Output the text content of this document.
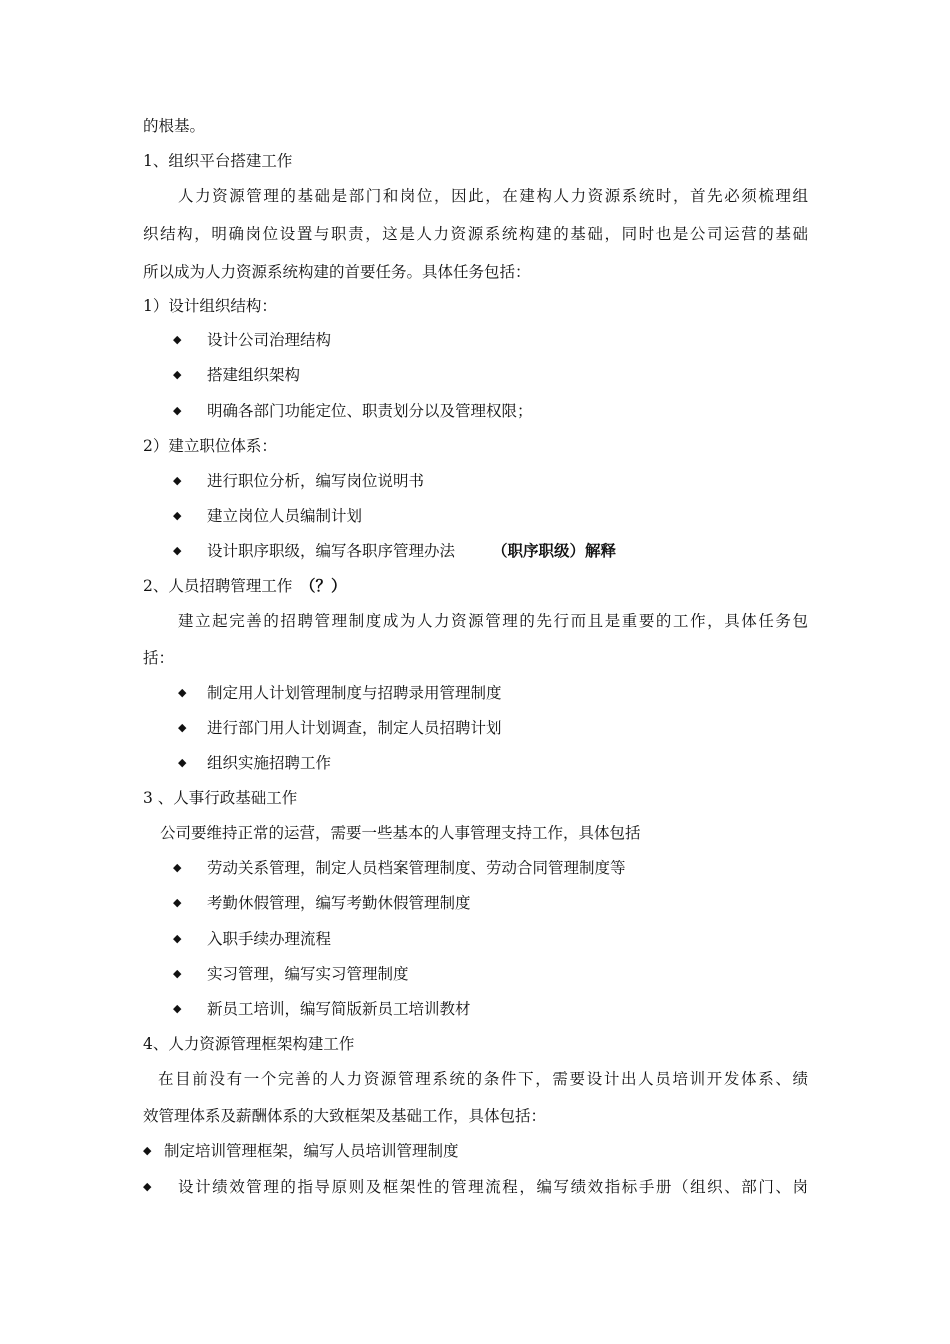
的根基。
1、组织平台搭建工作
人力资源管理的基础是部门和岗位，因此，在建构人力资源系统时，首先必须梳理组
织结构，明确岗位设置与职责，这是人力资源系统构建的基础，同时也是公司运营的基础
所以成为人力资源系统构建的首要任务。具体任务包括：
1）设计组织结构：
◆ 设计公司治理结构
◆ 搭建组织架构
◆ 明确各部门功能定位、职责划分以及管理权限；
2）建立职位体系：
◆ 进行职位分析，编写岗位说明书
◆ 建立岗位人员编制计划
◆ 设计职序职级，编写各职序管理办法 （职序职级）解释
2、人员招聘管理工作 （？）
建立起完善的招聘管理制度成为人力资源管理的先行而且是重要的工作，具体任务包
括：
◆ 制定用人计划管理制度与招聘录用管理制度
◆ 进行部门用人计划调查，制定人员招聘计划
◆ 组织实施招聘工作
3 、人事行政基础工作
公司要维持正常的运营，需要一些基本的人事管理支持工作，具体包括
◆ 劳动关系管理，制定人员档案管理制度、劳动合同管理制度等
◆ 考勤休假管理，编写考勤休假管理制度
◆ 入职手续办理流程
◆ 实习管理，编写实习管理制度
◆ 新员工培训，编写简版新员工培训教材
4、人力资源管理框架构建工作
在目前没有一个完善的人力资源管理系统的条件下，需要设计出人员培训开发体系、绩
效管理体系及薪酬体系的大致框架及基础工作，具体包括：
◆ 制定培训管理框架，编写人员培训管理制度
◆ 设计绩效管理的指导原则及框架性的管理流程，编写绩效指标手册（组织、部门、岗
